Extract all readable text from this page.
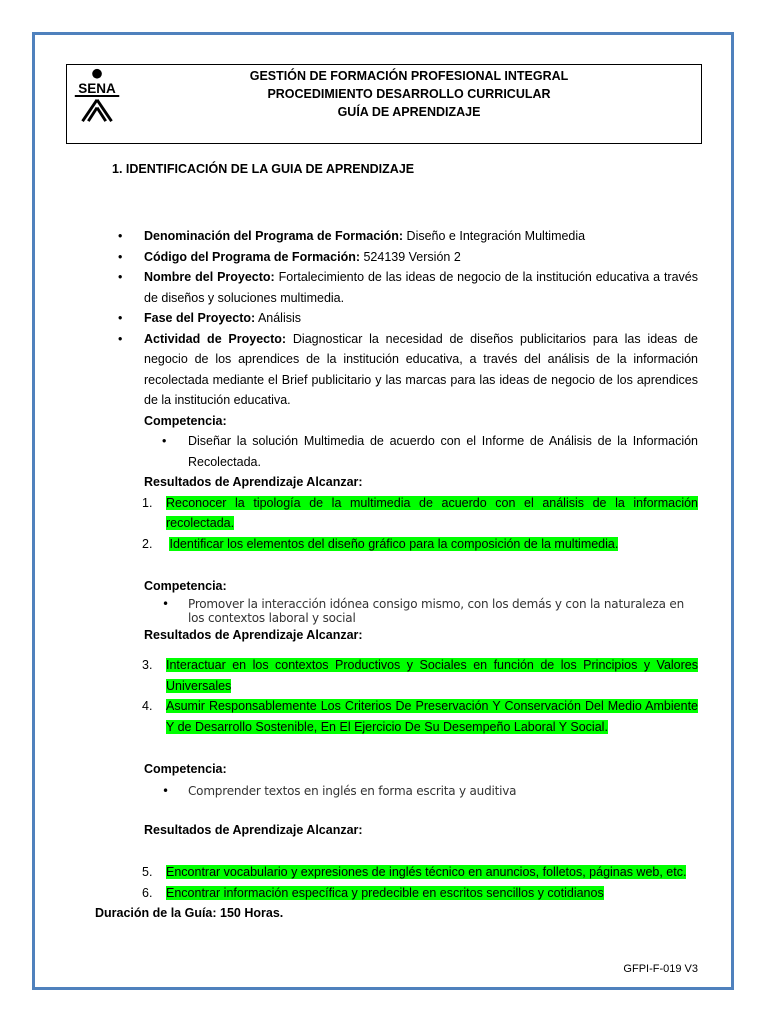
SENA
GESTIÓN DE FORMACIÓN PROFESIONAL INTEGRAL
PROCEDIMIENTO DESARROLLO CURRICULAR
GUÍA DE APRENDIZAJE
1. IDENTIFICACIÓN DE LA GUIA DE APRENDIZAJE
• Denominación del Programa de Formación: Diseño e Integración Multimedia
• Código del Programa de Formación: 524139 Versión 2
• Nombre del Proyecto: Fortalecimiento de las ideas de negocio de la institución educativa a través de diseños y soluciones multimedia.
• Fase del Proyecto: Análisis
• Actividad de Proyecto: Diagnosticar la necesidad de diseños publicitarios para las ideas de negocio de los aprendices de la institución educativa, a través del análisis de la información recolectada mediante el Brief publicitario y las marcas para las ideas de negocio de los aprendices de la institución educativa.
Competencia:
• Diseñar la solución Multimedia de acuerdo con el Informe de Análisis de la Información Recolectada.
Resultados de Aprendizaje Alcanzar:
1. Reconocer la tipología de la multimedia de acuerdo con el análisis de la información recolectada.
2. Identificar los elementos del diseño gráfico para la composición de la multimedia.
Competencia:
• Promover la interacción idónea consigo mismo, con los demás y con la naturaleza en los contextos laboral y social
Resultados de Aprendizaje Alcanzar:
3. Interactuar en los contextos Productivos y Sociales en función de los Principios y Valores Universales
4. Asumir Responsablemente Los Criterios De Preservación Y Conservación Del Medio Ambiente Y de Desarrollo Sostenible, En El Ejercicio De Su Desempeño Laboral Y Social.
Competencia:
• Comprender textos en inglés en forma escrita y auditiva
Resultados de Aprendizaje Alcanzar:
5. Encontrar vocabulario y expresiones de inglés técnico en anuncios, folletos, páginas web, etc.
6. Encontrar información específica y predecible en escritos sencillos y cotidianos
Duración de la Guía: 150 Horas.
GFPI-F-019 V3
